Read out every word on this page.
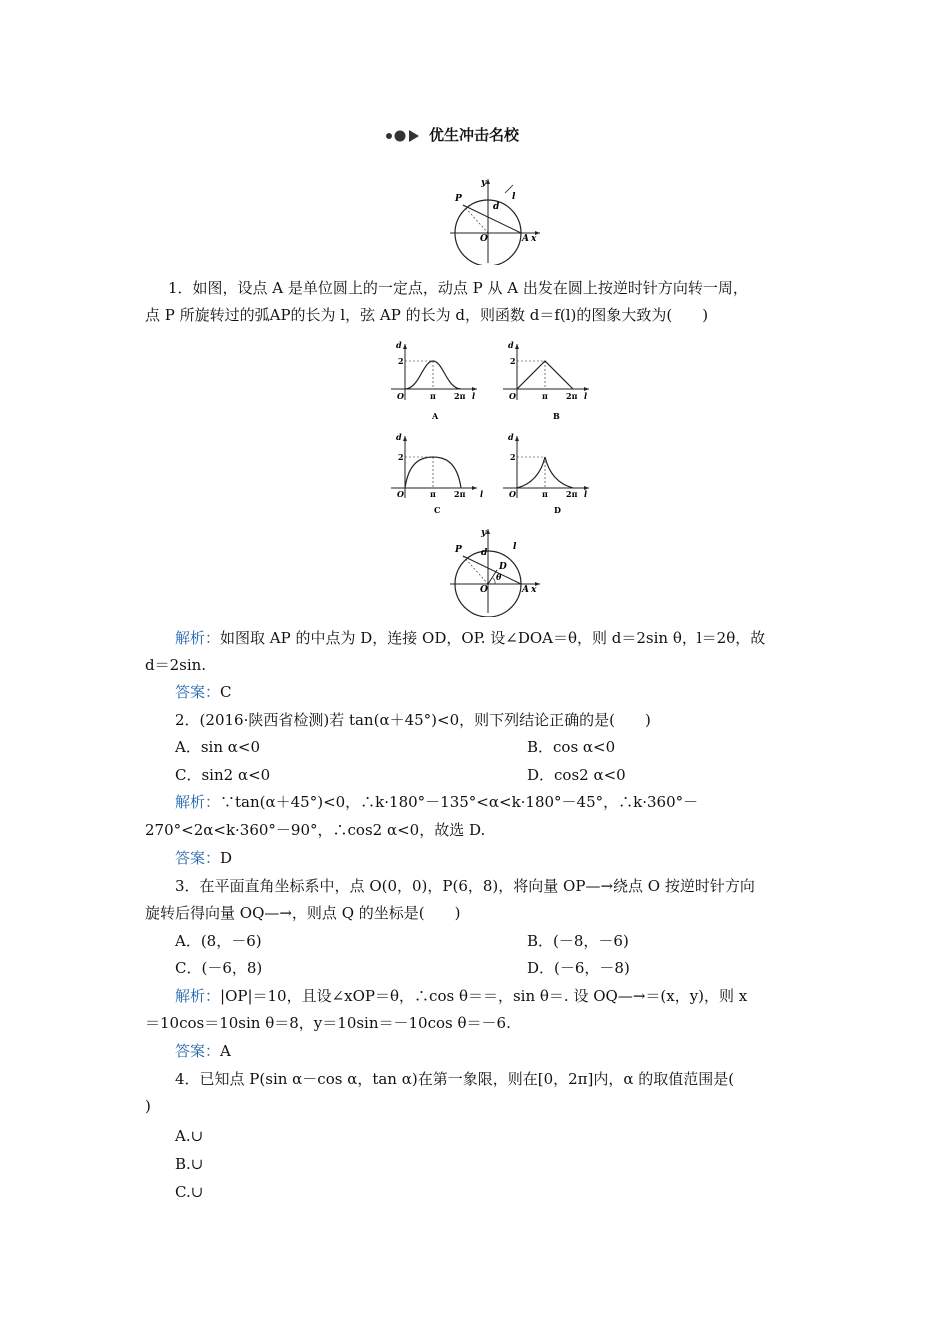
优生冲击名校
P
y
l
d
O	A x
1．如图，设点 A 是单位圆上的一定点，动点 P 从 A 出发在圆上按逆时针方向转一周，
点 P 所旋转过的弧AP的长为 l，弦 AP 的长为 d，则函数 d＝f(l)的图象大致为(　　)
d
2
O	π 2π l
A
d
2
O	π 2π l
B
d
2
O	π 2π l
C
d
2
O	π 2π l
D
y
P d
l
D
θ
O	A x
解析：如图取 AP 的中点为 D，连接 OD，OP. 设∠DOA＝θ，则 d＝2sin θ，l＝2θ，故
d＝2sin.
答案：C
2．(2016·陕西省检测)若 tan(α＋45°)<0，则下列结论正确的是(　　)
A．sin α<0	B．cos α<0
C．sin2 α<0	D．cos2 α<0
解析：∵tan(α＋45°)<0，∴k·180°－135°<α<k·180°－45°，∴k·360°－
270°<2α<k·360°－90°，∴cos2 α<0，故选 D.
答案：D
3．在平面直角坐标系中，点 O(0，0)，P(6，8)，将向量 OP—→绕点 O 按逆时针方向
旋转后得向量 OQ—→，则点 Q 的坐标是(　　)
A．(8，－6)	B．(－8，－6)
C．(－6，8)	D．(－6，－8)
解析：|OP|＝10，且设∠xOP＝θ，∴cos θ＝＝，sin θ＝. 设 OQ—→＝(x，y)，则 x
＝10cos＝10sin θ＝8，y＝10sin＝－10cos θ＝－6.
答案：A
4．已知点 P(sin α－cos α，tan α)在第一象限，则在[0，2π]内，α 的取值范围是(
)
A.∪
B.∪
C.∪
